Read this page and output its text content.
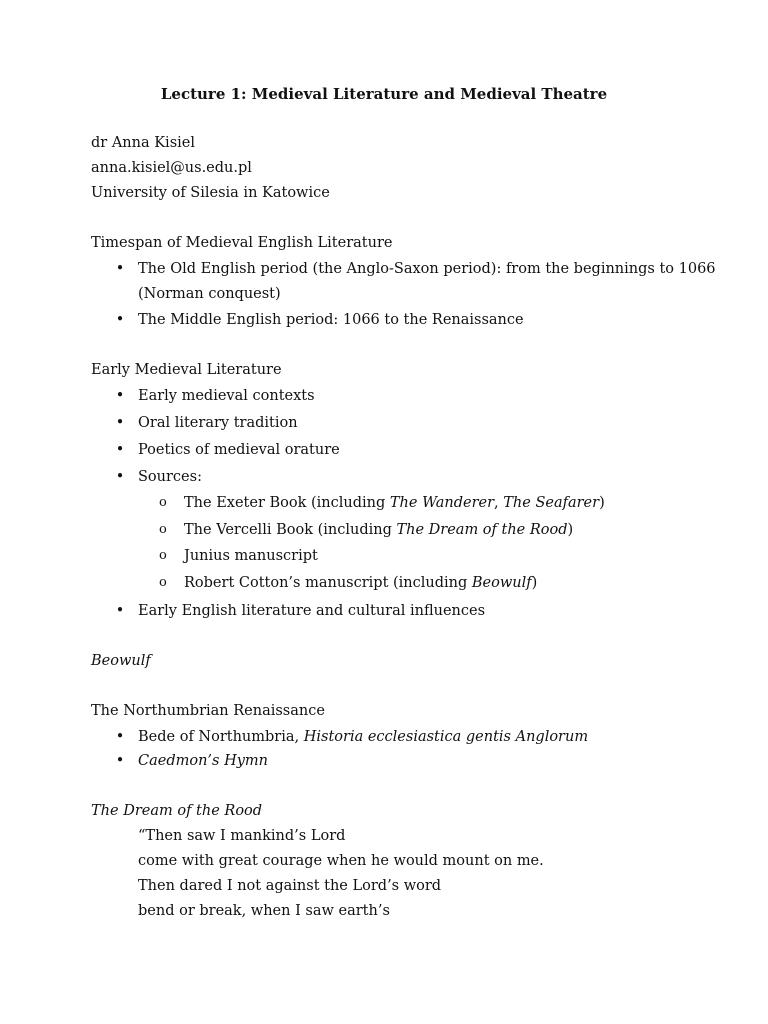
Lecture 1: Medieval Literature and Medieval Theatre
dr Anna Kisiel
anna.kisiel@us.edu.pl
University of Silesia in Katowice
Timespan of Medieval English Literature
• The Old English period (the Anglo-Saxon period): from the beginnings to 1066
(Norman conquest)
• The Middle English period: 1066 to the Renaissance
Early Medieval Literature
• Early medieval contexts
• Oral literary tradition
• Poetics of medieval orature
• Sources:
o The Exeter Book (including The Wanderer, The Seafarer)
o The Vercelli Book (including The Dream of the Rood)
o Junius manuscript
o Robert Cotton’s manuscript (including Beowulf)
• Early English literature and cultural influences
Beowulf
The Northumbrian Renaissance
• Bede of Northumbria, Historia ecclesiastica gentis Anglorum
• Caedmon’s Hymn
The Dream of the Rood
“Then saw I mankind’s Lord
come with great courage when he would mount on me.
Then dared I not against the Lord’s word
bend or break, when I saw earth’s
